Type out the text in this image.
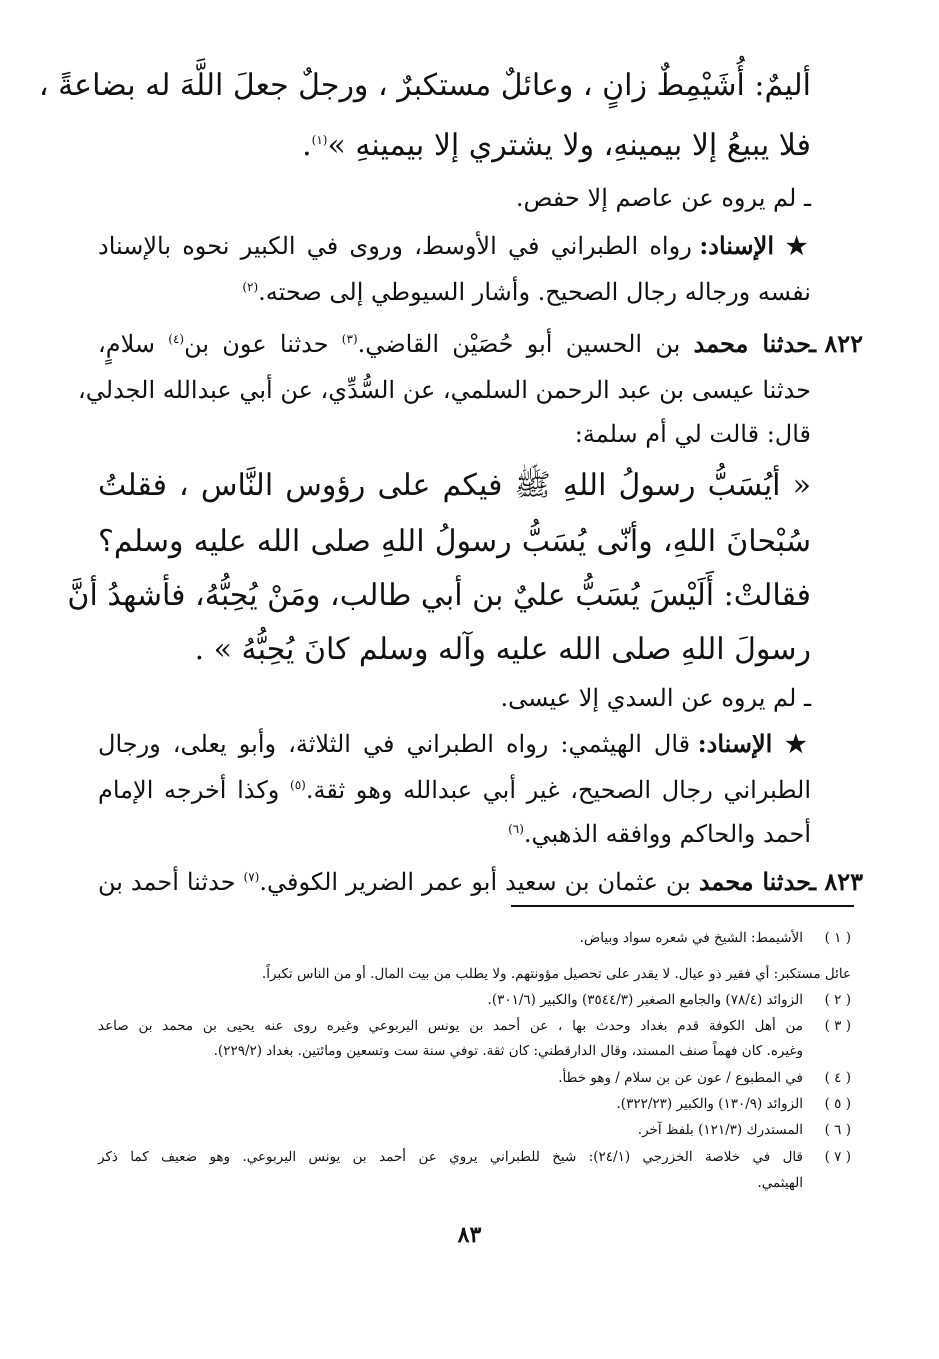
أليمٌ: أُشَيْمِطٌ زانٍ ، وعائلٌ مستكبرٌ ، ورجلٌ جعلَ اللَّهَ له بضاعةً ،
فلا يبيعُ إلا بيمينهِ، ولا يشتري إلا بيمينهِ »$^{(١)}$.
ـ لم يروه عن عاصم إلا حفص.
★ الإسناد: رواه الطبراني في الأوسط، وروى في الكبير نحوه بالإسناد
نفسه ورجاله رجال الصحيح. وأشار السيوطي إلى صحته.$^{(٢)}$
٨٢٢ ـ
حدثنا محمد بن الحسين أبو حُصَيْن القاضي.$^{(٣)}$ حدثنا عون بن$^{(٤)}$ سلامٍ،
حدثنا عيسى بن عبد الرحمن السلمي، عن السُّدِّي، عن أبي عبدالله الجدلي،
قال: قالت لي أم سلمة:
« أيُسَبُّ رسولُ اللهِ ﷺ فيكم على رؤوس النَّاس ، فقلتُ
سُبْحانَ اللهِ، وأنّى يُسَبُّ رسولُ اللهِ صلى الله عليه وسلم؟
فقالتْ: أَلَيْسَ يُسَبُّ عليٌ بن أبي طالب، ومَنْ يُحِبُّهُ، فأشهدُ أنَّ
رسولَ اللهِ صلى الله عليه وآله وسلم كانَ يُحِبُّهُ » .
ـ لم يروه عن السدي إلا عيسى.
★ الإسناد: قال الهيثمي: رواه الطبراني في الثلاثة، وأبو يعلى، ورجال
الطبراني رجال الصحيح، غير أبي عبدالله وهو ثقة.$^{(٥)}$ وكذا أخرجه الإمام
أحمد والحاكم ووافقه الذهبي.$^{(٦)}$
٨٢٣ ـ
حدثنا محمد بن عثمان بن سعيد أبو عمر الضرير الكوفي.$^{(٧)}$ حدثنا أحمد بن
( ١ )
الأشيمط: الشيخ في شعره سواد وبياض.
عائل مستكبر: أي فقير ذو عيال. لا يقدر على تحصيل مؤونتهم. ولا يطلب من بيت المال. أو من الناس تكبراً.
( ٢ )
الزوائد (٧٨/٤) والجامع الصغير (٣٥٤٤/٣) والكبير (٣٠١/٦).
( ٣ )
من أهل الكوفة قدم بغداد وحدث بها ، عن أحمد بن يونس اليربوعي وغيره روى عنه يحيى بن محمد بن صاعد
وغيره. كان فهماً صنف المسند، وقال الدارقطني: كان ثقة. توفي سنة ست وتسعين ومائتين. بغداد (٢٢٩/٢).
( ٤ )
في المطبوع / عون عن بن سلام / وهو خطأ.
( ٥ )
الزوائد (١٣٠/٩) والكبير (٣٢٢/٢٣).
( ٦ )
المستدرك (١٢١/٣) بلفظ آخر.
( ٧ )
قال في خلاصة الخزرجي (٢٤/١): شيخ للطبراني يروي عن أحمد بن يونس اليربوعي. وهو ضعيف كما ذكر
الهيثمي.
٨٣
